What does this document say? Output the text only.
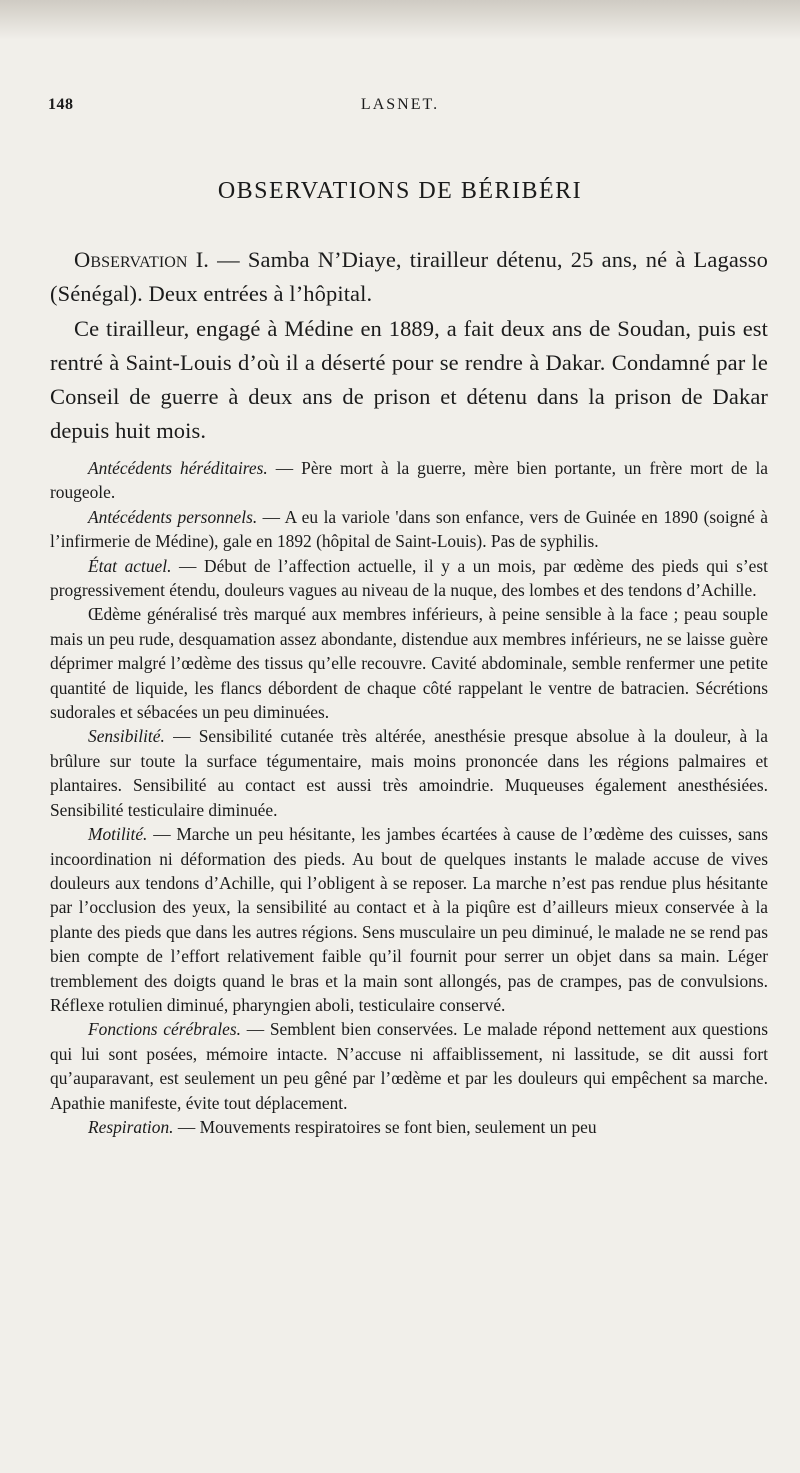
148	LASNET.
OBSERVATIONS DE BÉRIBÉRI

Observation I. — Samba N’Diaye, tirailleur détenu, 25 ans, né à Lagasso (Sénégal). Deux entrées à l’hôpital.

Ce tirailleur, engagé à Médine en 1889, a fait deux ans de Soudan, puis est rentré à Saint-Louis d’où il a déserté pour se rendre à Dakar. Condamné par le Conseil de guerre à deux ans de prison et détenu dans la prison de Dakar depuis huit mois.

Antécédents héréditaires. — Père mort à la guerre, mère bien portante, un frère mort de la rougeole.

Antécédents personnels. — A eu la variole 'dans son enfance, vers de Guinée en 1890 (soigné à l’infirmerie de Médine), gale en 1892 (hôpital de Saint-Louis). Pas de syphilis.

État actuel. — Début de l’affection actuelle, il y a un mois, par œdème des pieds qui s’est progressivement étendu, douleurs vagues au niveau de la nuque, des lombes et des tendons d’Achille.

Œdème généralisé très marqué aux membres inférieurs, à peine sensible à la face ; peau souple mais un peu rude, desquamation assez abondante, distendue aux membres inférieurs, ne se laisse guère déprimer malgré l’œdème des tissus qu’elle recouvre. Cavité abdominale, semble renfermer une petite quantité de liquide, les flancs débordent de chaque côté rappelant le ventre de batracien. Sécrétions sudorales et sébacées un peu diminuées.

Sensibilité. — Sensibilité cutanée très altérée, anesthésie presque absolue à la douleur, à la brûlure sur toute la surface tégumentaire, mais moins prononcée dans les régions palmaires et plantaires. Sensibilité au contact est aussi très amoindrie. Muqueuses également anesthésiées. Sensibilité testiculaire diminuée.

Motilité. — Marche un peu hésitante, les jambes écartées à cause de l’œdème des cuisses, sans incoordination ni déformation des pieds. Au bout de quelques instants le malade accuse de vives douleurs aux tendons d’Achille, qui l’obligent à se reposer. La marche n’est pas rendue plus hésitante par l’occlusion des yeux, la sensibilité au contact et à la piqûre est d’ailleurs mieux conservée à la plante des pieds que dans les autres régions. Sens musculaire un peu diminué, le malade ne se rend pas bien compte de l’effort relativement faible qu’il fournit pour serrer un objet dans sa main. Léger tremblement des doigts quand le bras et la main sont allongés, pas de crampes, pas de convulsions. Réflexe rotulien diminué, pharyngien aboli, testiculaire conservé.

Fonctions cérébrales. — Semblent bien conservées. Le malade répond nettement aux questions qui lui sont posées, mémoire intacte. N’accuse ni affaiblissement, ni lassitude, se dit aussi fort qu’auparavant, est seulement un peu gêné par l’œdème et par les douleurs qui empêchent sa marche. Apathie manifeste, évite tout déplacement.

Respiration. — Mouvements respiratoires se font bien, seulement un peu
